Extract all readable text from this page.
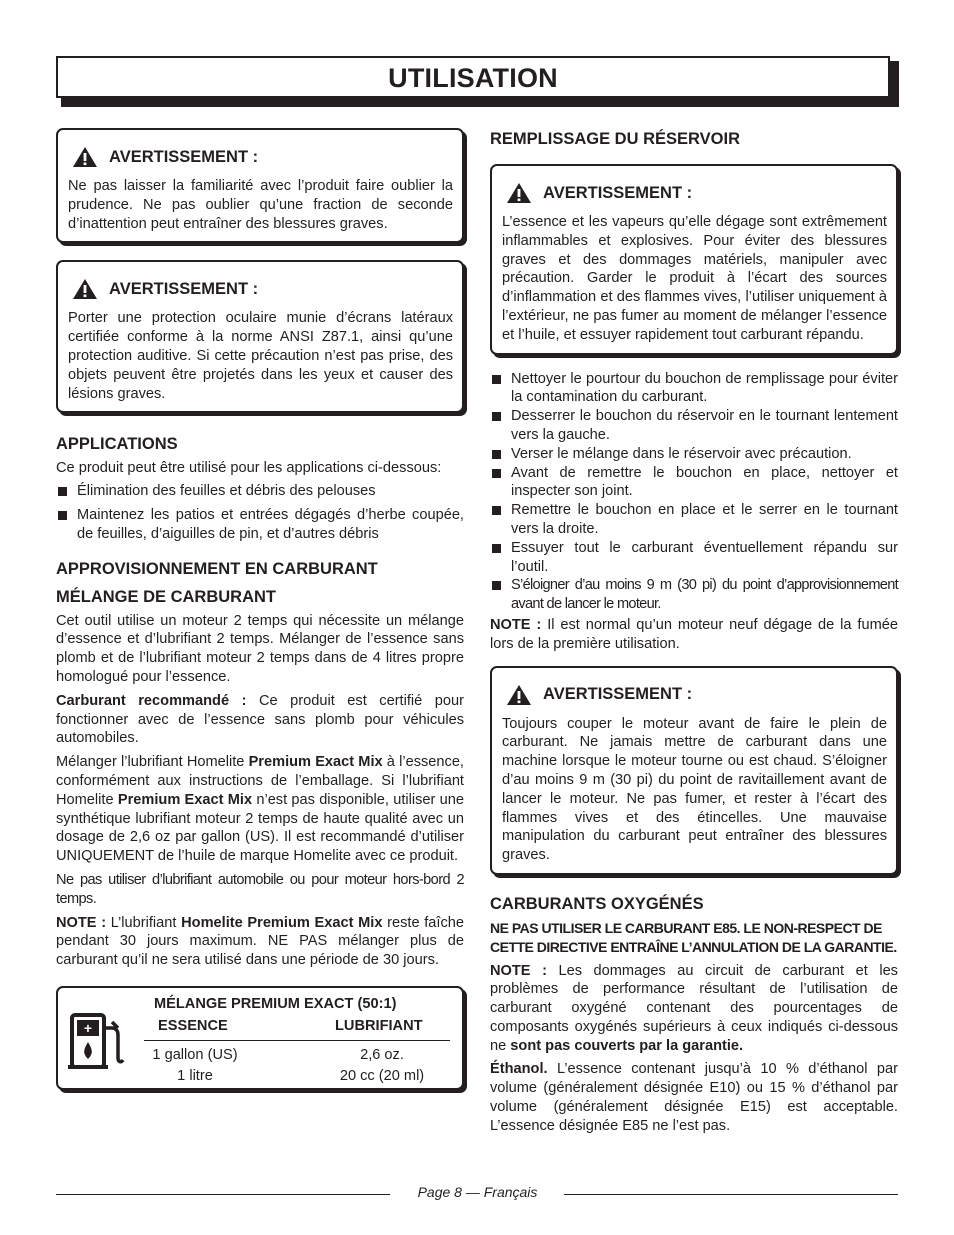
UTILISATION
AVERTISSEMENT :

Ne pas laisser la familiarité avec l’produit faire oublier la prudence. Ne pas oublier qu’une fraction de seconde d’inattention peut entraîner des blessures graves.

AVERTISSEMENT :

Porter une protection oculaire munie d’écrans latéraux certifiée conforme à la norme ANSI Z87.1, ainsi qu’une protection auditive. Si cette précaution n’est pas prise, des objets peuvent être projetés dans les yeux et causer des lésions graves.

APPLICATIONS

Ce produit peut être utilisé pour les applications ci-dessous:

Élimination des feuilles et débris des pelouses
Maintenez les patios et entrées dégagés d’herbe coupée, de feuilles, d’aiguilles de pin, et d’autres débris
APPROVISIONNEMENT EN CARBURANT
MÉLANGE DE CARBURANT

Cet outil utilise un moteur 2 temps qui nécessite un mélange d’essence et d’lubrifiant 2 temps. Mélanger de l’essence sans plomb et de l’lubrifiant moteur 2 temps dans de 4 litres propre homologué pour l’essence.

Carburant recommandé : Ce produit est certifié pour fonctionner avec de l’essence sans plomb pour véhicules automobiles.

Mélanger l’lubrifiant Homelite Premium Exact Mix à l’essence, conformément aux instructions de l’emballage. Si l’lubrifiant Homelite Premium Exact Mix n’est pas disponible, utiliser une synthétique lubrifiant moteur 2 temps de haute qualité avec un dosage de 2,6 oz par gallon (US). Il est recommandé d’utiliser UNIQUEMENT de l’huile de marque Homelite avec ce produit.

Ne pas utiliser d’lubrifiant automobile ou pour moteur hors-bord 2 temps.

NOTE : L’lubrifiant Homelite Premium Exact Mix reste faîche pendant 30 jours maximum. NE PAS mélanger plus de carburant qu’il ne sera utilisé dans une période de 30 jours.

+
MÉLANGE PREMIUM EXACT (50:1)
ESSENCE	LUBRIFIANT
1 gallon (US)
1 litre
2,6 oz.
20 cc (20 ml)
REMPLISSAGE DU RÉSERVOIR
AVERTISSEMENT :

L’essence et les vapeurs qu’elle dégage sont extrêmement inflammables et explosives. Pour éviter des blessures graves et des dommages matériels, manipuler avec précaution. Garder le produit à l’écart des sources d’inflammation et des flammes vives, l’utiliser uniquement à l’extérieur, ne pas fumer au moment de mélanger l’essence et l’huile, et essuyer rapidement tout carburant répandu.

Nettoyer le pourtour du bouchon de remplissage pour éviter la contamination du carburant.
Desserrer le bouchon du réservoir en le tournant lentement vers la gauche.
Verser le mélange dans le réservoir avec précaution.
Avant de remettre le bouchon en place, nettoyer et inspecter son joint.
Remettre le bouchon en place et le serrer en le tournant vers la droite.
Essuyer tout le carburant éventuellement répandu sur l’outil.
S’éloigner d’au moins 9 m (30 pi) du point d’approvisionnement avant de lancer le moteur.

NOTE : Il est normal qu’un moteur neuf dégage de la fumée lors de la première utilisation.

AVERTISSEMENT :

Toujours couper le moteur avant de faire le plein de carburant. Ne jamais mettre de carburant dans une machine lorsque le moteur tourne ou est chaud. S’éloigner d’au moins 9 m (30 pi) du point de ravitaillement avant de lancer le moteur. Ne pas fumer, et rester à l’écart des flammes vives et des étincelles. Une mauvaise manipulation du carburant peut entraîner des blessures graves.

CARBURANTS OXYGÉNÉS

NE PAS UTILISER LE CARBURANT E85. LE NON-RESPECT DE CETTE DIRECTIVE ENTRAÎNE L’ANNULATION DE LA GARANTIE.

NOTE : Les dommages au circuit de carburant et les problèmes de performance résultant de l’utilisation de carburant oxygéné contenant des pourcentages de composants oxygénés supérieurs à ceux indiqués ci-dessous ne sont pas couverts par la garantie.

Éthanol. L’essence contenant jusqu’à 10 % d’éthanol par volume (généralement désignée E10) ou 15 % d’éthanol par volume (généralement désignée E15) est acceptable. L’essence désignée E85 ne l’est pas.

Page 8 — Français
